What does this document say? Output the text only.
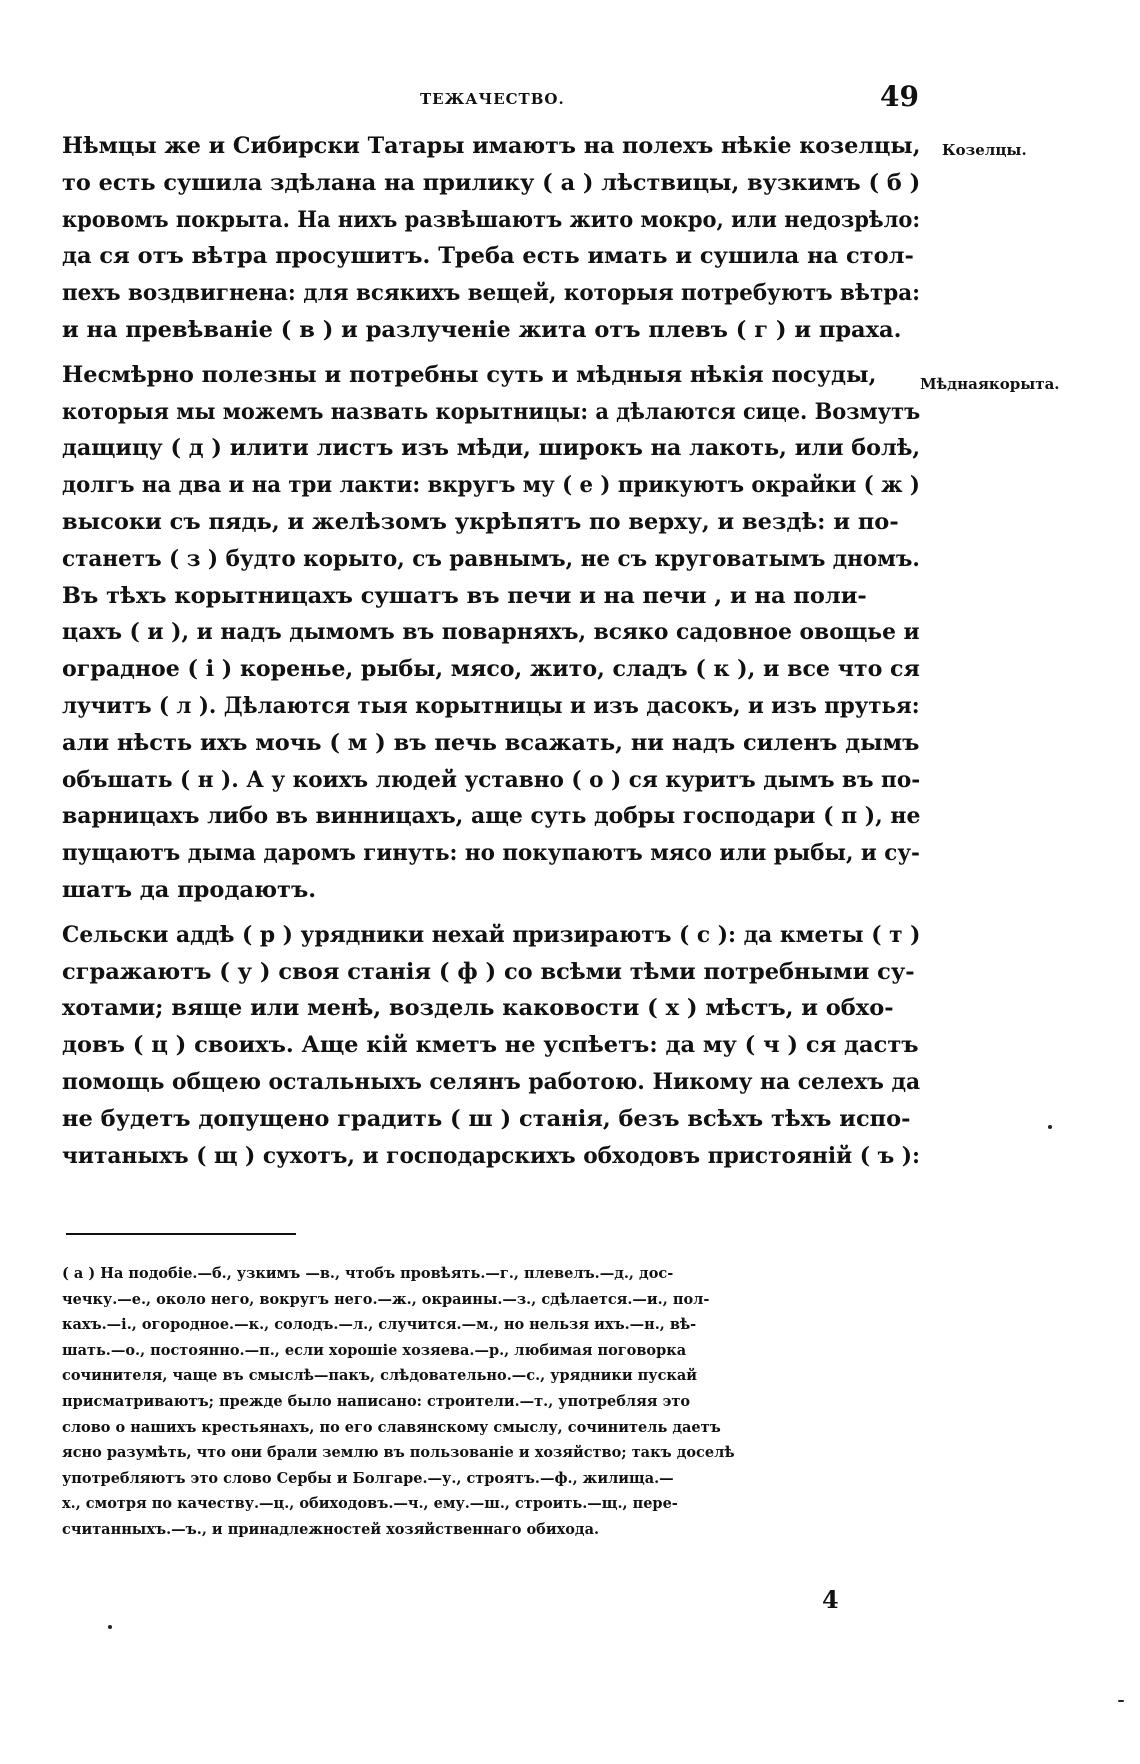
ТЕЖАЧЕСТВО.	49
Козелцы.
Мѣднаякорыта.
Нѣмцы же и Сибирски Татары имаютъ на полехъ нѣкіе козелцы,
то есть сушила здѣлана на прилику ( а ) лѣствицы, вузкимъ ( б )
кровомъ покрыта. На нихъ развѣшаютъ жито мокро, или недозрѣло:
да ся отъ вѣтра просушитъ. Треба есть имать и сушила на стол-
пехъ воздвигнена: для всякихъ вещей, которыя потребуютъ вѣтра:
и на превѣваніе ( в ) и разлученіе жита отъ плевъ ( г ) и праха.
Несмѣрно полезны и потребны суть и мѣдныя нѣкія посуды,
которыя мы можемъ назвать корытницы: а дѣлаются сице. Возмутъ
дащицу ( д ) илити листъ изъ мѣди, широкъ на лакоть, или болѣ,
долгъ на два и на три лакти: вкругъ му ( е ) прикуютъ окрайки ( ж )
высоки съ пядь, и желѣзомъ укрѣпятъ по верху, и вездѣ: и по-
станетъ ( з ) будто корыто, съ равнымъ, не съ круговатымъ дномъ.
Въ тѣхъ корытницахъ сушатъ въ печи и на печи , и на поли-
цахъ ( и ), и надъ дымомъ въ поварняхъ, всяко садовное овощье и
оградное ( і ) коренье, рыбы, мясо, жито, сладъ ( к ), и все что ся
лучитъ ( л ). Дѣлаются тыя корытницы и изъ дасокъ, и изъ прутья:
али нѣсть ихъ мочь ( м ) въ печь всажать, ни надъ силенъ дымъ
объшать ( н ). А у коихъ людей уставно ( о ) ся куритъ дымъ въ по-
варницахъ либо въ винницахъ, аще суть добры господари ( п ), не
пущаютъ дыма даромъ гинуть: но покупаютъ мясо или рыбы, и су-
шатъ да продаютъ.
Сельски аддѣ ( р ) урядники нехай призираютъ ( с ): да кметы ( т )
сгражаютъ ( у ) своя станія ( ф ) со всѣми тѣми потребными су-
хотами; вяще или менѣ, воздель каковости ( х ) мѣстъ, и обхо-
довъ ( ц ) своихъ. Аще кій кметъ не успѣетъ: да му ( ч ) ся дастъ
помощь общею остальныхъ селянъ работою. Никому на селехъ да
не будетъ допущено градить ( ш ) станія, безъ всѣхъ тѣхъ испо-
читаныхъ ( щ ) сухотъ, и господарскихъ обходовъ пристояній ( ъ ):
( а ) На подобіе.—б., узкимъ —в., чтобъ провѣять.—г., плевелъ.—д., дос-
чечку.—е., около него, вокругъ него.—ж., окраины.—з., сдѣлается.—и., пол-
кахъ.—і., огородное.—к., солодъ.—л., случится.—м., но нельзя ихъ.—н., вѣ-
шать.—о., постоянно.—п., если хорошіе хозяева.—р., любимая поговорка
сочинителя, чаще въ смыслѣ—пакъ, слѣдовательно.—с., урядники пускай
присматриваютъ; прежде было написано: строители.—т., употребляя это
слово о нашихъ крестьянахъ, по его славянскому смыслу, сочинитель даетъ
ясно разумѣть, что они брали землю въ пользованіе и хозяйство; такъ доселѣ
употребляютъ это слово Сербы и Болгаре.—у., строятъ.—ф., жилища.—
х., смотря по качеству.—ц., обиходовъ.—ч., ему.—ш., строить.—щ., пере-
считанныхъ.—ъ., и принадлежностей хозяйственнаго обихода.
4
